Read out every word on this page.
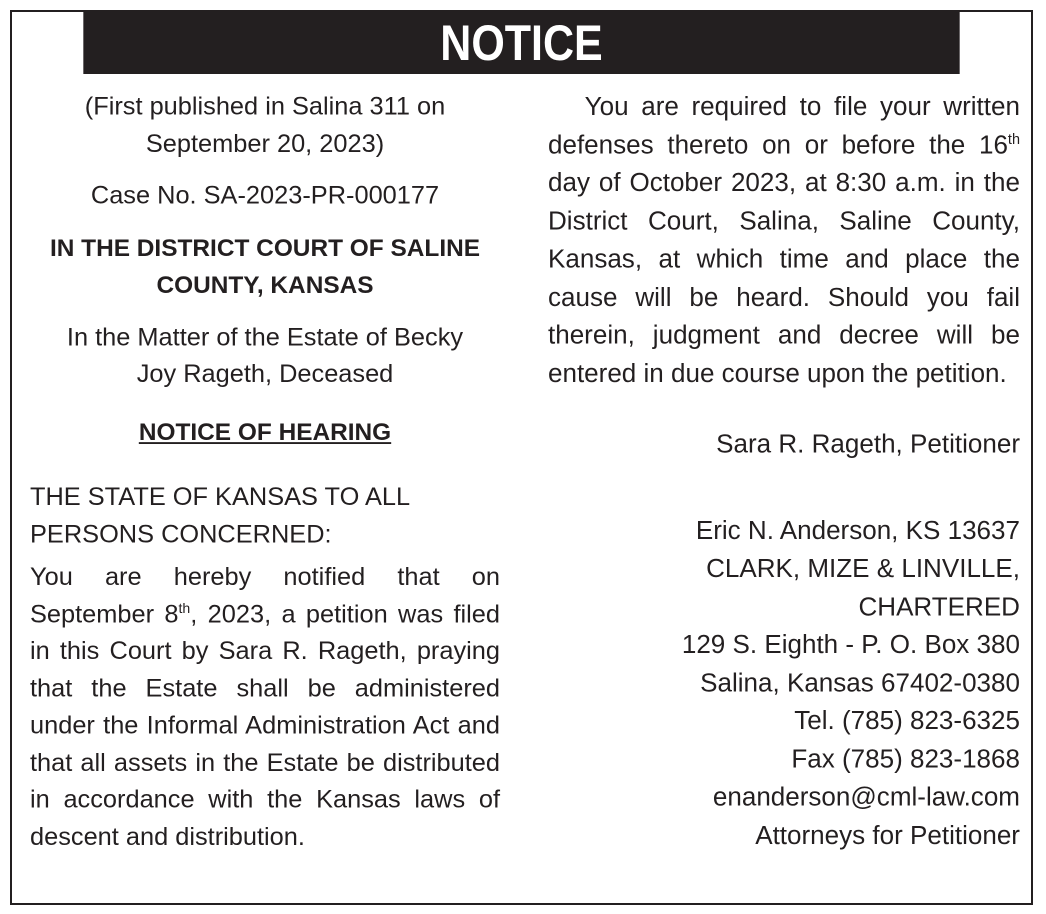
NOTICE

(First published in Salina 311 on

September 20, 2023)

Case No. SA-2023-PR-000177

IN THE DISTRICT COURT OF SALINE

COUNTY, KANSAS

In the Matter of the Estate of Becky

Joy Rageth, Deceased

NOTICE OF HEARING

THE STATE OF KANSAS TO ALL

PERSONS CONCERNED:

You are hereby notified that on September 8th, 2023, a petition was filed in this Court by Sara R. Rageth, praying that the Estate shall be administered under the Informal Administration Act and that all assets in the Estate be distributed in accordance with the Kansas laws of descent and distribution.

You are required to file your written defenses thereto on or before the 16th day of October 2023, at 8:30 a.m. in the District Court, Salina, Saline County, Kansas, at which time and place the cause will be heard. Should you fail therein, judgment and decree will be entered in due course upon the petition.

Sara R. Rageth, Petitioner

Eric N. Anderson, KS 13637

CLARK, MIZE & LINVILLE, CHARTERED

129 S. Eighth - P. O. Box 380

Salina, Kansas 67402-0380

Tel. (785) 823-6325

Fax (785) 823-1868

enanderson@cml-law.com

Attorneys for Petitioner
